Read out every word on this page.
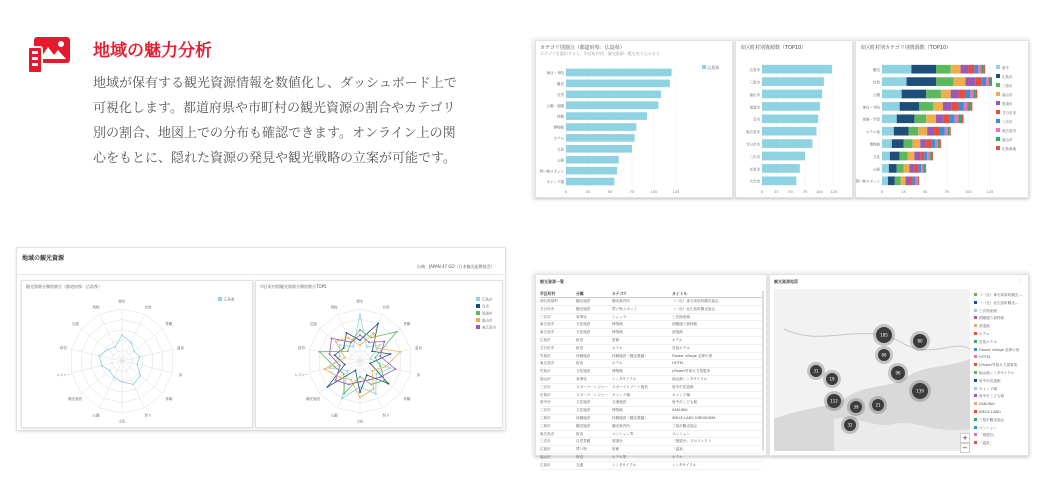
地域の魅力分析
地域が保有する観光資源情報を数値化し、ダッシュボード上で
可視化します。都道府県や市町村の観光資源の割合やカテゴリ
別の割合、地図上での分布も確認できます。オンライン上の関
心をもとに、隠れた資源の発見や観光戦略の立案が可能です。
カテゴリ別割合（都道府県：広島県）
カテゴリを選択すると、市区町村別・観光資源一覧を絞り込みます
広島県
0	25	50	75	100	125
神社・寺院
観光
自然
公園・庭園
体験
博物館
ホテル
文化
公館
買い物スポット
キャンプ場
市区町村別資源数（TOP10）
0	25	50	75	100 125
広島市
三原市
福山市
尾道市
呉市
東広島市
廿日市市
三次市
庄原市
大竹市
市区町村別カテゴリ別資源数（TOP10）
0	25	50	75	100	125
観光
自然
公園
神社・寺院
体験・学習
ホテル他
博物館
文化
公館
買い物スポット
府中
広島市
三原市
福山市
尾道市
廿日市市
三次市
東広島市
福山市
広島県地
地域の観光資源
出典：JAPAN 47 GO（日本観光振興協会）
観光資源分類別割合（都道府県：広島県）
歴史
自然
景観
温泉
食
体験
祭り
文化
公園
観光施設
レジャー
宿泊
交通
買物
広島県
市区町村別観光資源分類別割合TOP5
歴史
自然
景観
温泉
食
体験
祭り
文化
公園
観光施設
レジャー
宿泊
交通
買物
広島市
呉市
尾道市
福山市
東広島市
観光資源一覧
市区町村	分類	カテゴリ	タイトル
神石高原町	観光施設	観光案内所	（一社）神石高原町観光協会
廿日市市	観光施設	買い物スポット	（一社）北広島町観光協会
三次市	食事処	ショップ	三次物産館
東広島市	文化施設	博物館	酒蔵通り資料館
東広島市	文化施設	博物館	酒造館
広島市	宿泊	旅館	ホテル
廿日市市	宿泊	ホテル	宮島ホテル
竹原市	体験施設	体験施設（観光農園）	Flower village 花夢の里
東広島市	宿泊	ホテル	HOTEL
竹原市	文化施設	博物館	J-Power竹原火力発電所
福山市	食事処	レンタサイクル	福山港レンタサイクル
三次市	スポーツ・レジャー スポーツリゾート施設	府中市武道館
庄原市	スポーツ・レジャー キャンプ場	キャンプ場
府中市	文化施設	交流施設	府中市こども館
三次市	文化施設	博物館	SAKURAI
三原市	体験施設	体験施設（観光農園）	SMILE-LABO HIROSHIMA
三原市	観光施設	観光案内所	三原市観光協会
東広島市	宿泊	ペンション等	ペンション
三次市	自然景観	展望台	「展望台」プロジェクト
広島市	買い物	旅館	「温泉」
福山市	宿泊	ホテル等	ホテル
広島市	交通	レンタサイクル	レンタサイクル
観光資源地図	⋮
185
80
19
68
96
31
139
112
21
39
32
+
−
（一社）神石高原町観光...
（一社）北広島町観光...
三次物産館
酒蔵通り資料館
酒造館
ホテル
宮島ホテル
Flower village 花夢の里
HOTEL
J-Power竹原火力発電所
福山港レンタサイクル
府中市武道館
キャンプ場
府中市こども館
SAKURAI
SMILE-LABO
三原市観光協会
ペンション
「展望台」
「温泉」
